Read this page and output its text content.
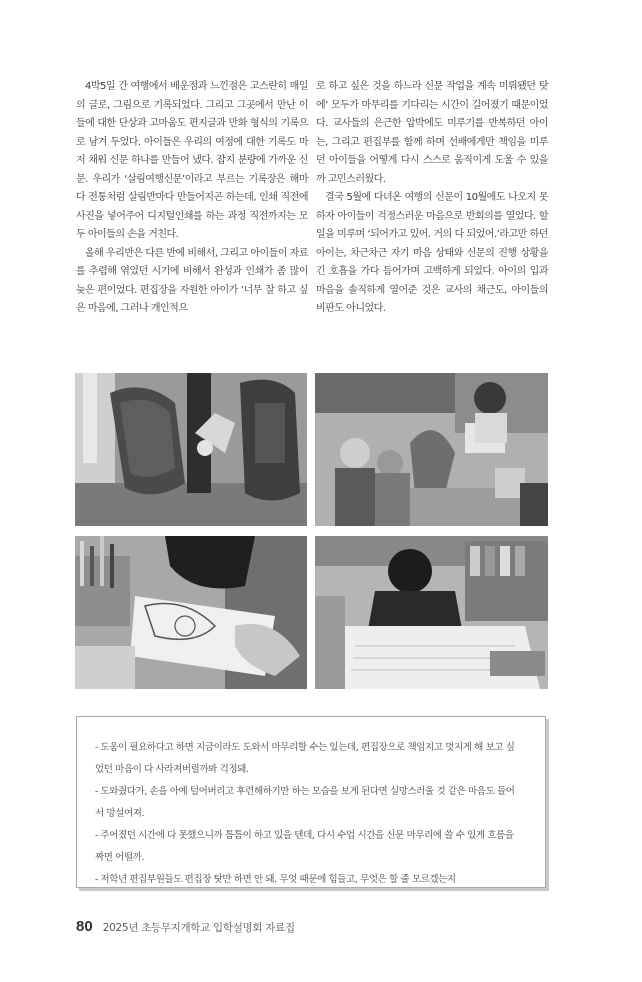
4박5일 간 여행에서 배운점과 느낀점은 고스란히 매일의 글로, 그림으로 기록되었다. 그리고 그곳에서 만난 이들에 대한 단상과 고마움도 편지글과 만화 형식의 기록으로 남겨 두었다. 아이들은 우리의 여정에 대한 기록도 마저 채워 신문 하나를 만들어 냈다. 잡지 분량에 가까운 신문. 우리가 ‘살림여행신문’이라고 부르는 기록장은 해마다 전통처럼 살림반마다 만들어지곤 하는데, 인쇄 직전에 사진을 넣어주어 디지털인쇄를 하는 과정 직전까지는 모두 아이들의 손을 거친다.

올해 우리반은 다른 반에 비해서, 그리고 아이들이 자료를 추렴해 엮었던 시기에 비해서 완성과 인쇄가 좀 많이 늦은 편이었다. 편집장을 자원한 아이가 ‘너무 잘 하고 싶은 마음에, 그러나 개인적으

로 하고 싶은 것을 하느라 신문 작업을 계속 미뤄됐던 탓에’ 모두가 마무리를 기다리는 시간이 길어졌기 때문이었다. 교사들의 은근한 압박에도 미루기를 반복하던 아이는, 그리고 편집부를 함께 하며 선배에게만 책임을 미루던 아이들을 어떻게 다시 스스로 움직이게 도울 수 있을까 고민스러웠다.

결국 5월에 다녀온 여행의 신문이 10월에도 나오지 못하자 아이들이 걱정스러운 마음으로 반회의를 열었다. 할 일을 미루며 ‘되어가고 있어. 거의 다 되었어.’라고만 하던 아이는, 차근차근 자기 마음 상태와 신문의 진행 상황을 긴 호흡을 가다 듬어가며 고백하게 되었다. 아이의 입과 마음을 솔직하게 열어준 것은 교사의 채근도, 아이들의 비판도 아니었다.

- 도움이 필요하다고 하면 지금이라도 도와서 마무리할 수는 있는데, 편집장으로 책임지고 멋지게 해 보고 싶었던 마음이 다 사라져버릴까봐 걱정돼.
- 도와줬다가, 손을 아예 털어버리고 후련해하기만 하는 모습을 보게 된다면 실망스러울 것 같은 마음도 들어서 망설여져.
- 주어졌던 시간에 다 못했으니까 틈틈이 하고 있을 텐데, 다시 수업 시간을 신문 마무리에 쓸 수 있게 흐름을 짜면 어떨까.
- 저학년 편집부원들도 편집장 탓만 하면 안 돼. 무엇 때문에 힘들고, 무엇은 할 줄 모르겠는지
80 2025년 초등무지개학교 입학설명회 자료집
